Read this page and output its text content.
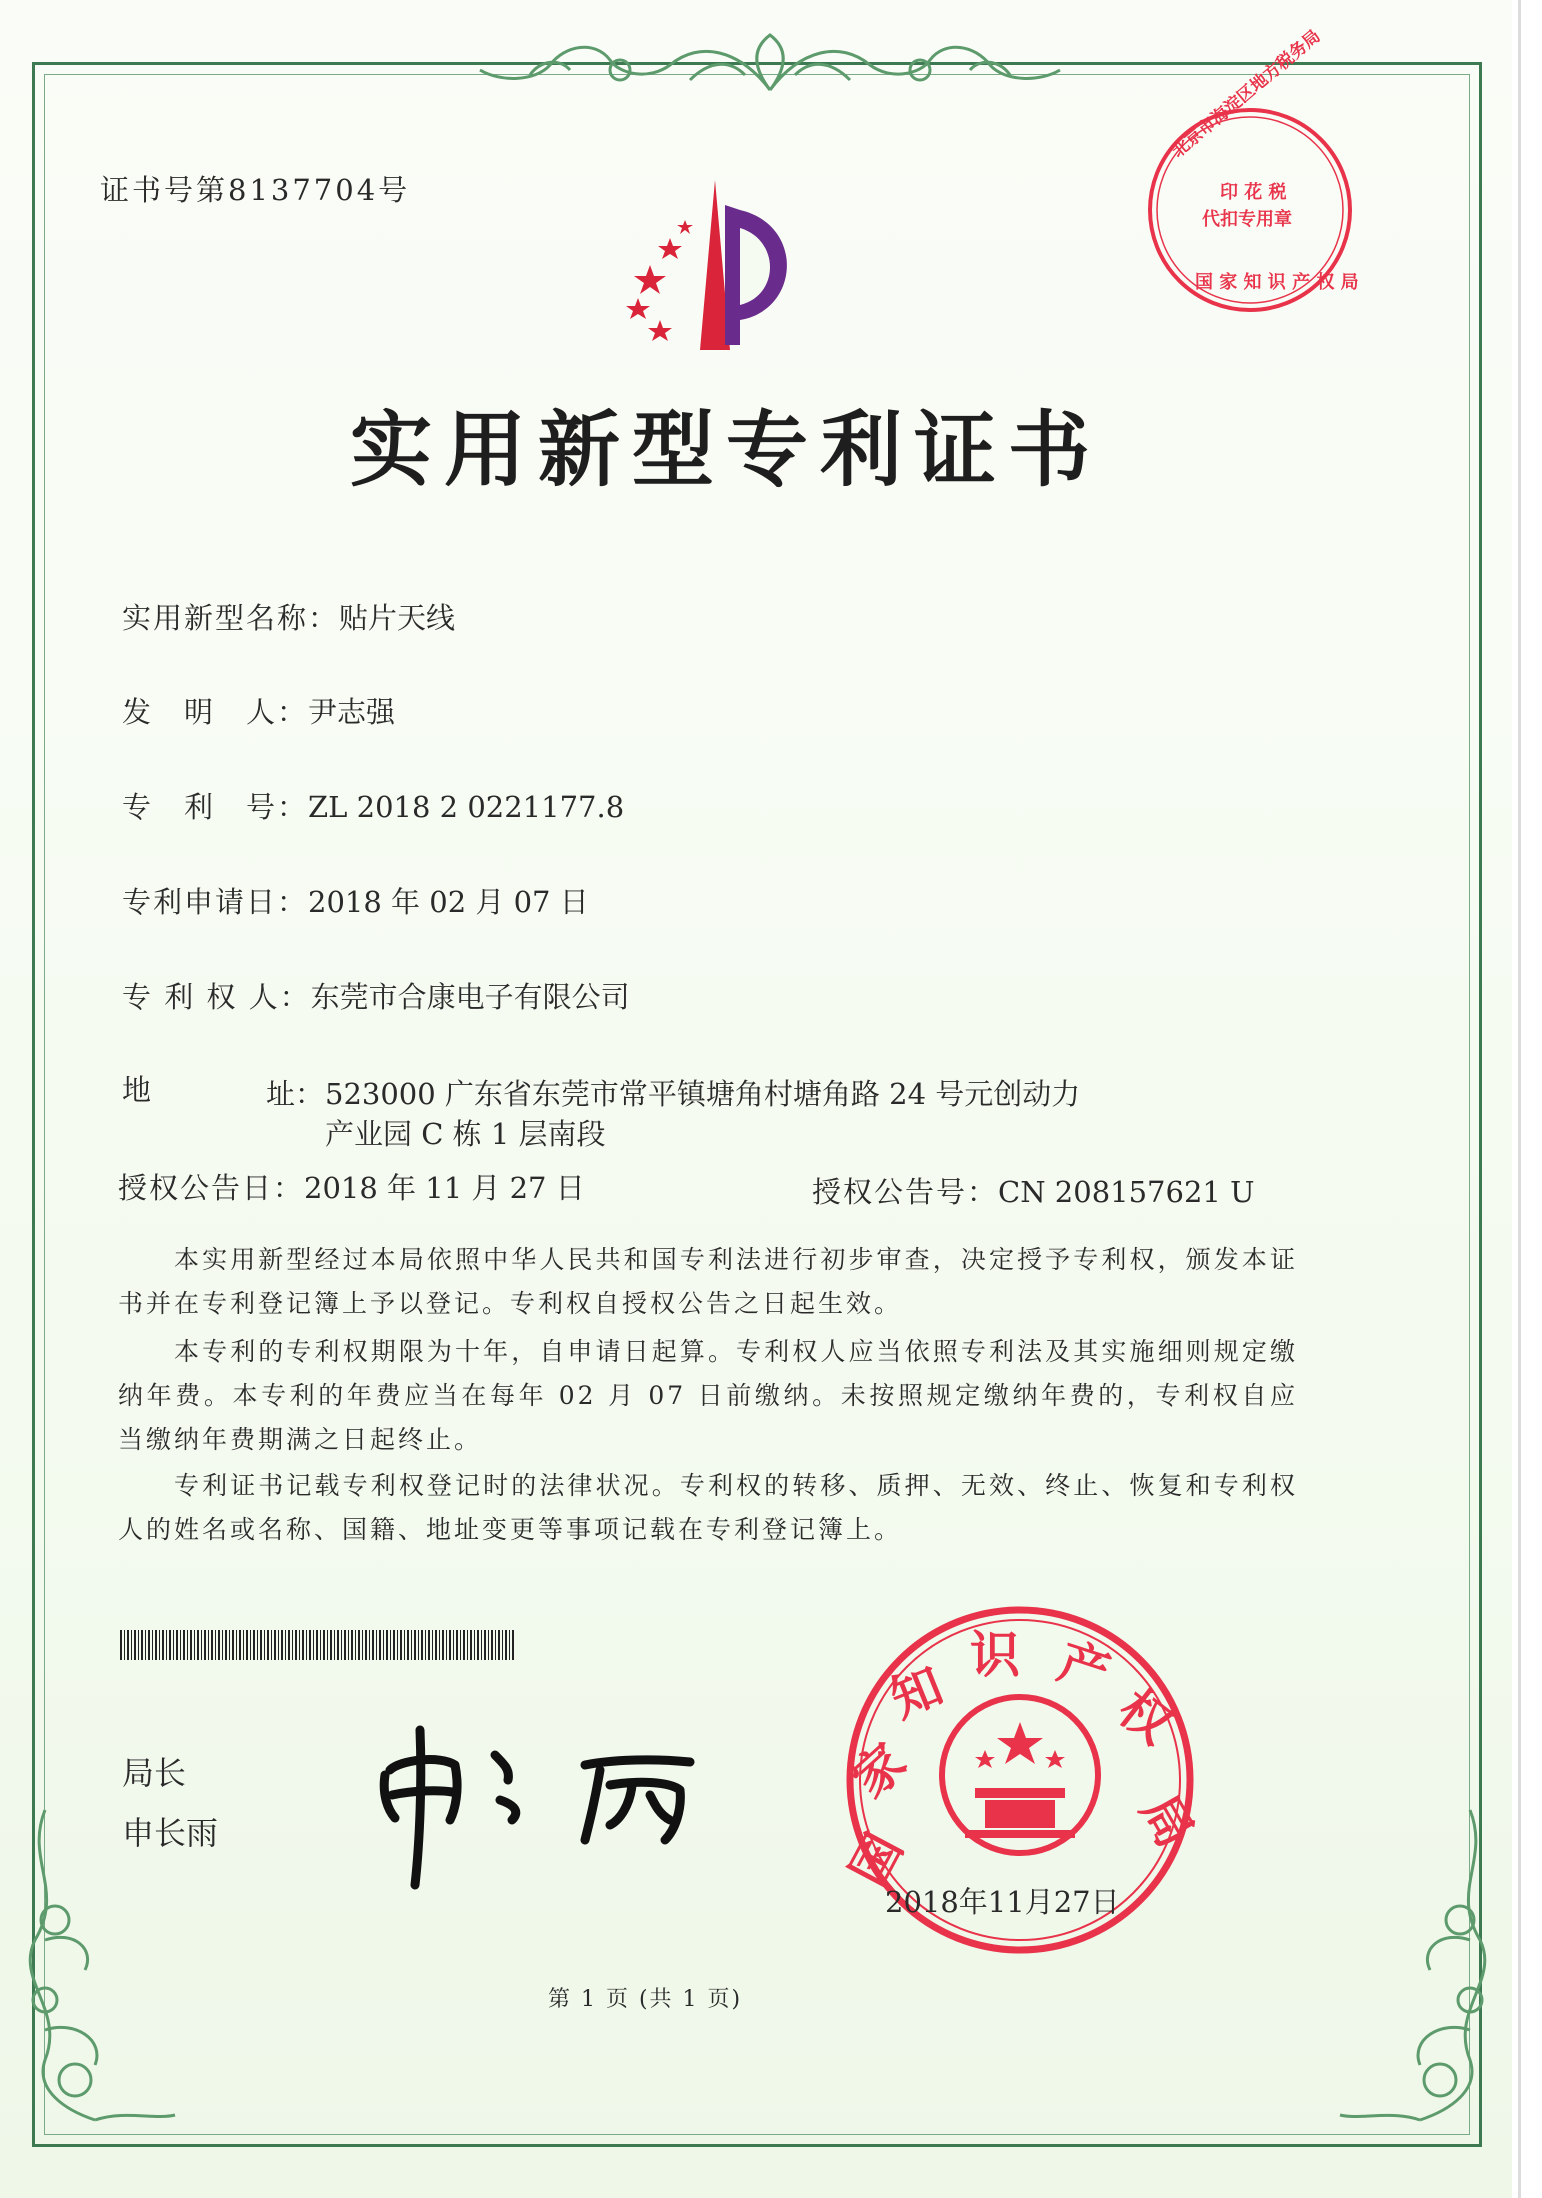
证书号第8137704号
北京市海淀区地方税务局
印 花 税
代扣专用章
国 家 知 识 产 权 局
实用新型专利证书
实用新型名称：贴片天线
发　明　人：尹志强
专　利　号：ZL 2018 2 0221177.8
专利申请日：2018 年 02 月 07 日
专 利 权 人：东莞市合康电子有限公司
地	址： 523000 广东省东莞市常平镇塘角村塘角路 24 号元创动力
产业园 C 栋 1 层南段
授权公告日：2018 年 11 月 27 日	授权公告号：CN 208157621 U
本实用新型经过本局依照中华人民共和国专利法进行初步审查，决定授予专利权，颁发本证书并在专利登记簿上予以登记。专利权自授权公告之日起生效。
本专利的专利权期限为十年，自申请日起算。专利权人应当依照专利法及其实施细则规定缴纳年费。本专利的年费应当在每年 02 月 07 日前缴纳。未按照规定缴纳年费的，专利权自应当缴纳年费期满之日起终止。
专利证书记载专利权登记时的法律状况。专利权的转移、质押、无效、终止、恢复和专利权人的姓名或名称、国籍、地址变更等事项记载在专利登记簿上。
局长
申长雨	国
家
知
识 产
权
局
2018年11月27日
第 1 页 (共 1 页)
